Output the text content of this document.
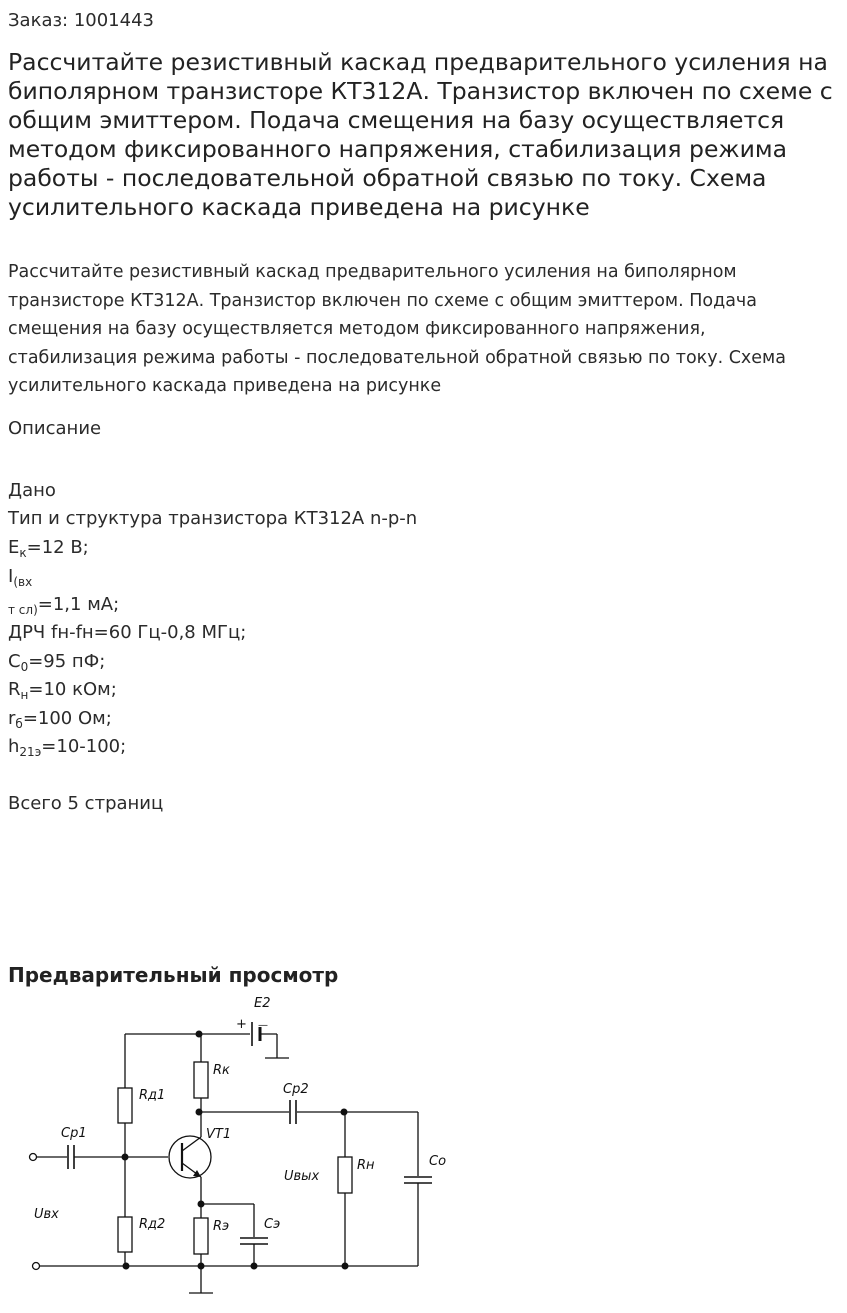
Заказ: 1001443
Рассчитайте резистивный каскад предварительного усиления на биполярном транзисторе КТ312А. Транзистор включен по схеме с общим эмиттером. Подача смещения на базу осуществляется методом фиксированного напряжения, стабилизация режима работы - последовательной обратной связью по току. Схема усилительного каскада приведена на рисунке

Рассчитайте резистивный каскад предварительного усиления на биполярном транзисторе КТ312А. Транзистор включен по схеме с общим эмиттером. Подача смещения на базу осуществляется методом фиксированного напряжения, стабилизация режима работы - последовательной обратной связью по току. Схема усилительного каскада приведена на рисунке

Описание
Дано
Тип и структура транзистора КТ312А n-p-n
$E_к=12$ В;
$I_{(вх}$
$_{т сл)}$=1,1 мА;
ДРЧ fн-fн=60 Гц-0,8 МГц;
$C_0=95$ пФ;
$R_н=10$ кОм;
$r_б=100$ Ом;
$h_{21э}=10-100$;
Всего 5 страниц
Предварительный просмотр
E2
+ —
Rк
Rд1
Rд2
Ср1
Ср2
VT1
Rэ	Сэ
Uвх
Uвых
Rн	Со
